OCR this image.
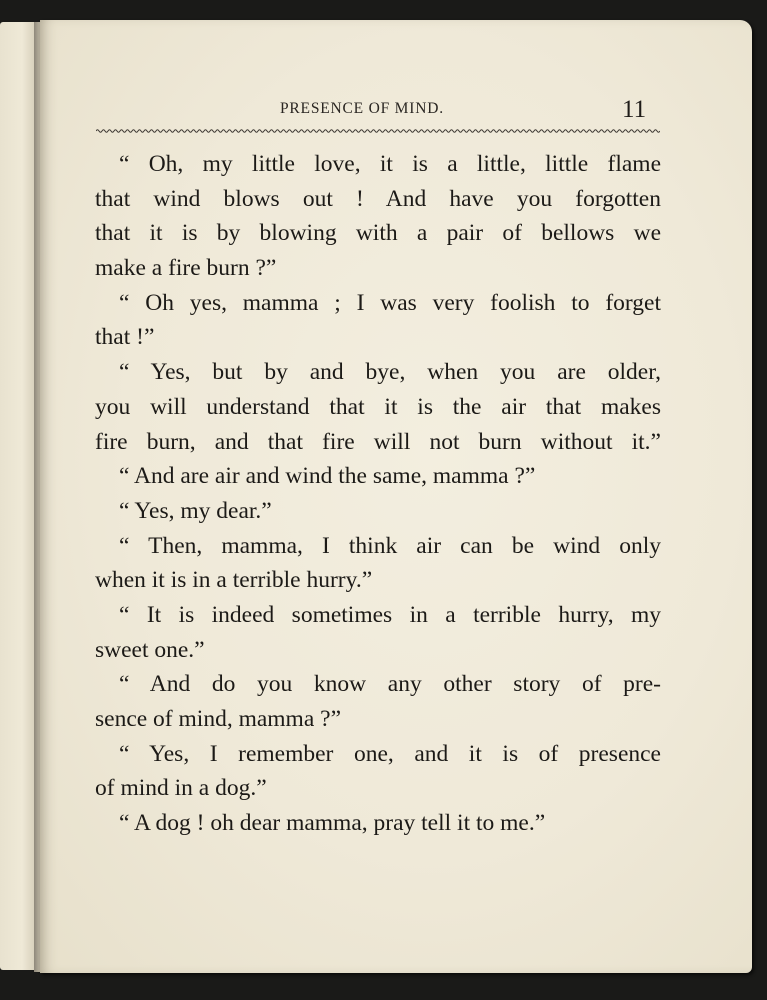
PRESENCE OF MIND.	11
“ Oh, my little love, it is a little, little flame
that wind blows out ! And have you forgotten
that it is by blowing with a pair of bellows we
make a fire burn ?”
“ Oh yes, mamma ; I was very foolish to forget
that !”
“ Yes, but by and bye, when you are older,
you will understand that it is the air that makes
fire burn, and that fire will not burn without it.”
“ And are air and wind the same, mamma ?”
“ Yes, my dear.”
“ Then, mamma, I think air can be wind only
when it is in a terrible hurry.”
“ It is indeed sometimes in a terrible hurry, my
sweet one.”
“ And do you know any other story of pre-
sence of mind, mamma ?”
“ Yes, I remember one, and it is of presence
of mind in a dog.”
“ A dog ! oh dear mamma, pray tell it to me.”
